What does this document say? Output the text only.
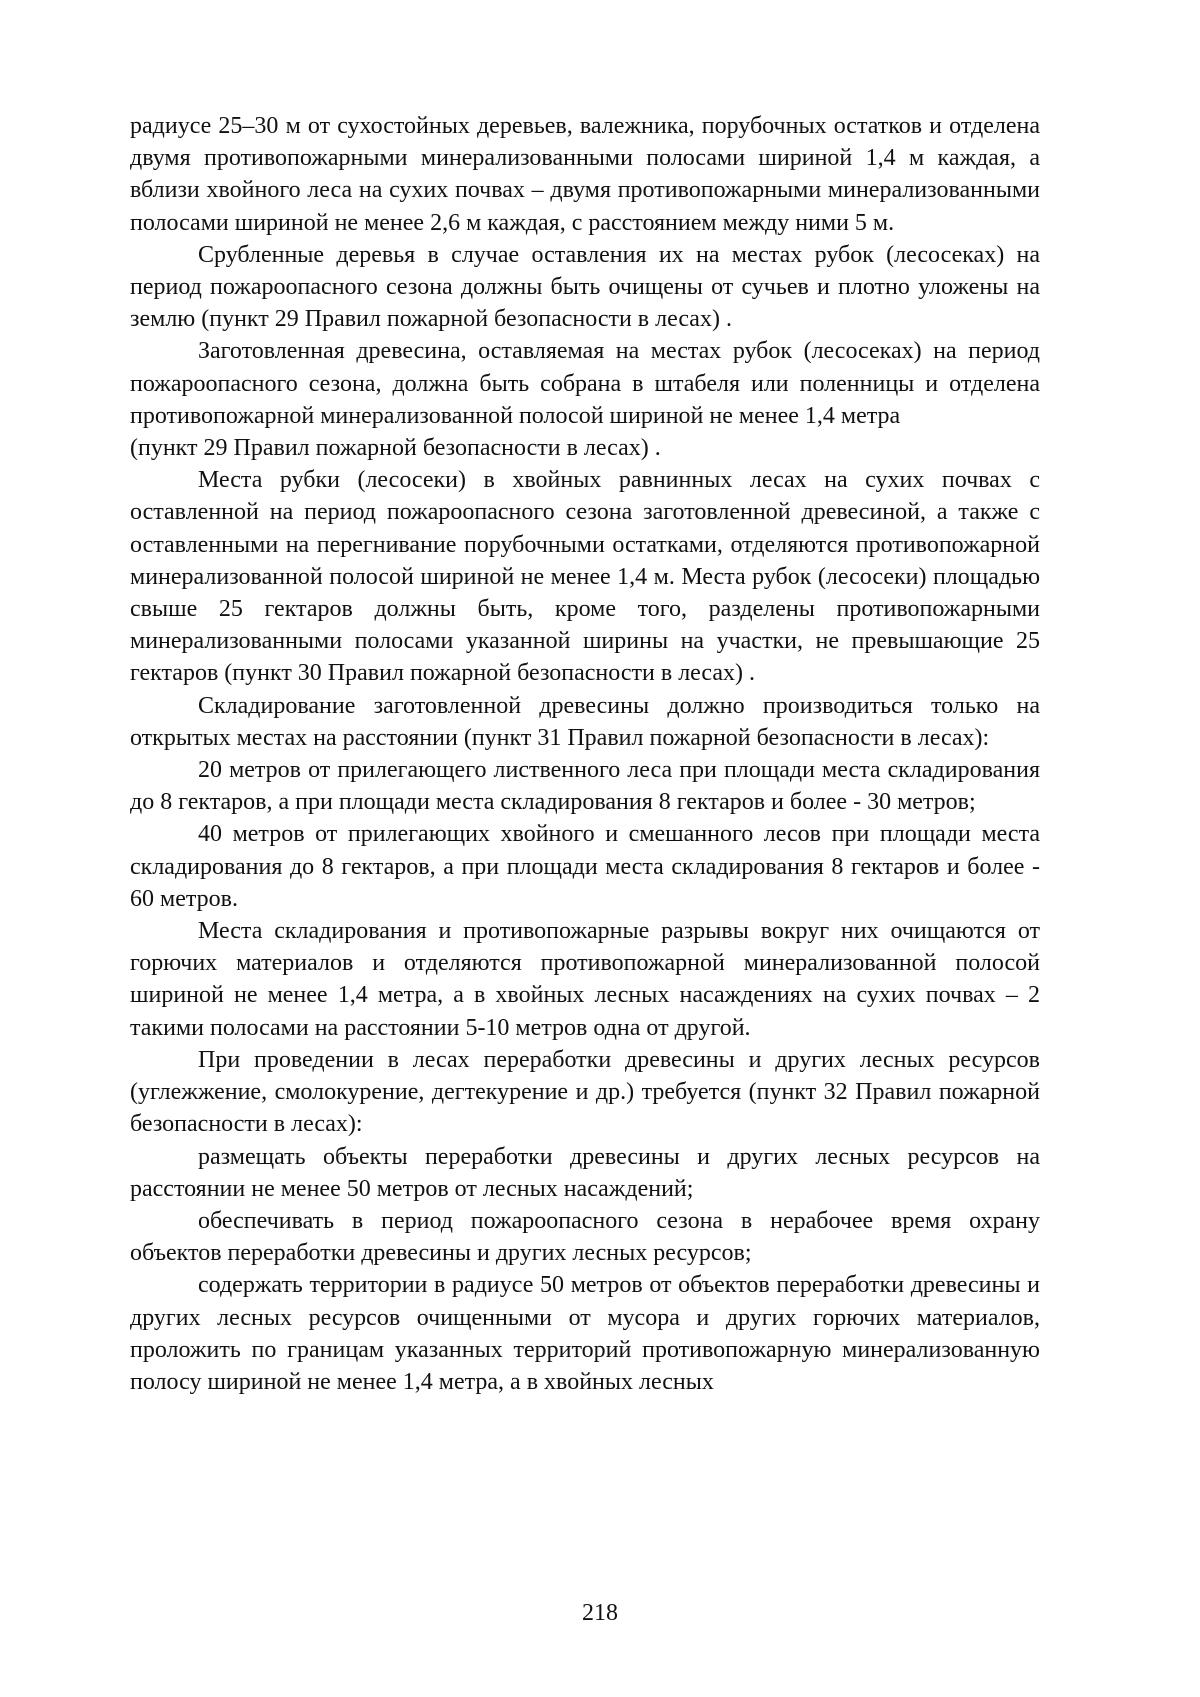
радиусе 25–30 м от сухостойных деревьев, валежника, порубочных остатков и отделена двумя противопожарными минерализованными полосами шириной 1,4 м каждая, а вблизи хвойного леса на сухих почвах – двумя противопожарными минерализованными полосами шириной не менее 2,6 м каждая, с расстоянием между ними 5 м.

Срубленные деревья в случае оставления их на местах рубок (лесосеках) на период пожароопасного сезона должны быть очищены от сучьев и плотно уложены на землю (пункт 29 Правил пожарной безопасности в лесах) .

Заготовленная древесина, оставляемая на местах рубок (лесосеках) на период пожароопасного сезона, должна быть собрана в штабеля или поленницы и отделена противопожарной минерализованной полосой шириной не менее 1,4 метра

(пункт 29 Правил пожарной безопасности в лесах) .

Места рубки (лесосеки) в хвойных равнинных лесах на сухих почвах с оставленной на период пожароопасного сезона заготовленной древесиной, а также с оставленными на перегнивание порубочными остатками, отделяются противопожарной минерализованной полосой шириной не менее 1,4 м. Места рубок (лесосеки) площадью свыше 25 гектаров должны быть, кроме того, разделены противопожарными минерализованными полосами указанной ширины на участки, не превышающие 25 гектаров (пункт 30 Правил пожарной безопасности в лесах) .

Складирование заготовленной древесины должно производиться только на открытых местах на расстоянии (пункт 31 Правил пожарной безопасности в лесах):

20 метров от прилегающего лиственного леса при площади места складирования до 8 гектаров, а при площади места складирования 8 гектаров и более - 30 метров;

40 метров от прилегающих хвойного и смешанного лесов при площади места складирования до 8 гектаров, а при площади места складирования 8 гектаров и более - 60 метров.

Места складирования и противопожарные разрывы вокруг них очищаются от горючих материалов и отделяются противопожарной минерализованной полосой шириной не менее 1,4 метра, а в хвойных лесных насаждениях на сухих почвах – 2 такими полосами на расстоянии 5-10 метров одна от другой.

При проведении в лесах переработки древесины и других лесных ресурсов (углежжение, смолокурение, дегтекурение и др.) требуется (пункт 32 Правил пожарной безопасности в лесах):

размещать объекты переработки древесины и других лесных ресурсов на расстоянии не менее 50 метров от лесных насаждений;

обеспечивать в период пожароопасного сезона в нерабочее время охрану объектов переработки древесины и других лесных ресурсов;

содержать территории в радиусе 50 метров от объектов переработки древесины и других лесных ресурсов очищенными от мусора и других горючих материалов, проложить по границам указанных территорий противопожарную минерализованную полосу шириной не менее 1,4 метра, а в хвойных лесных

218
